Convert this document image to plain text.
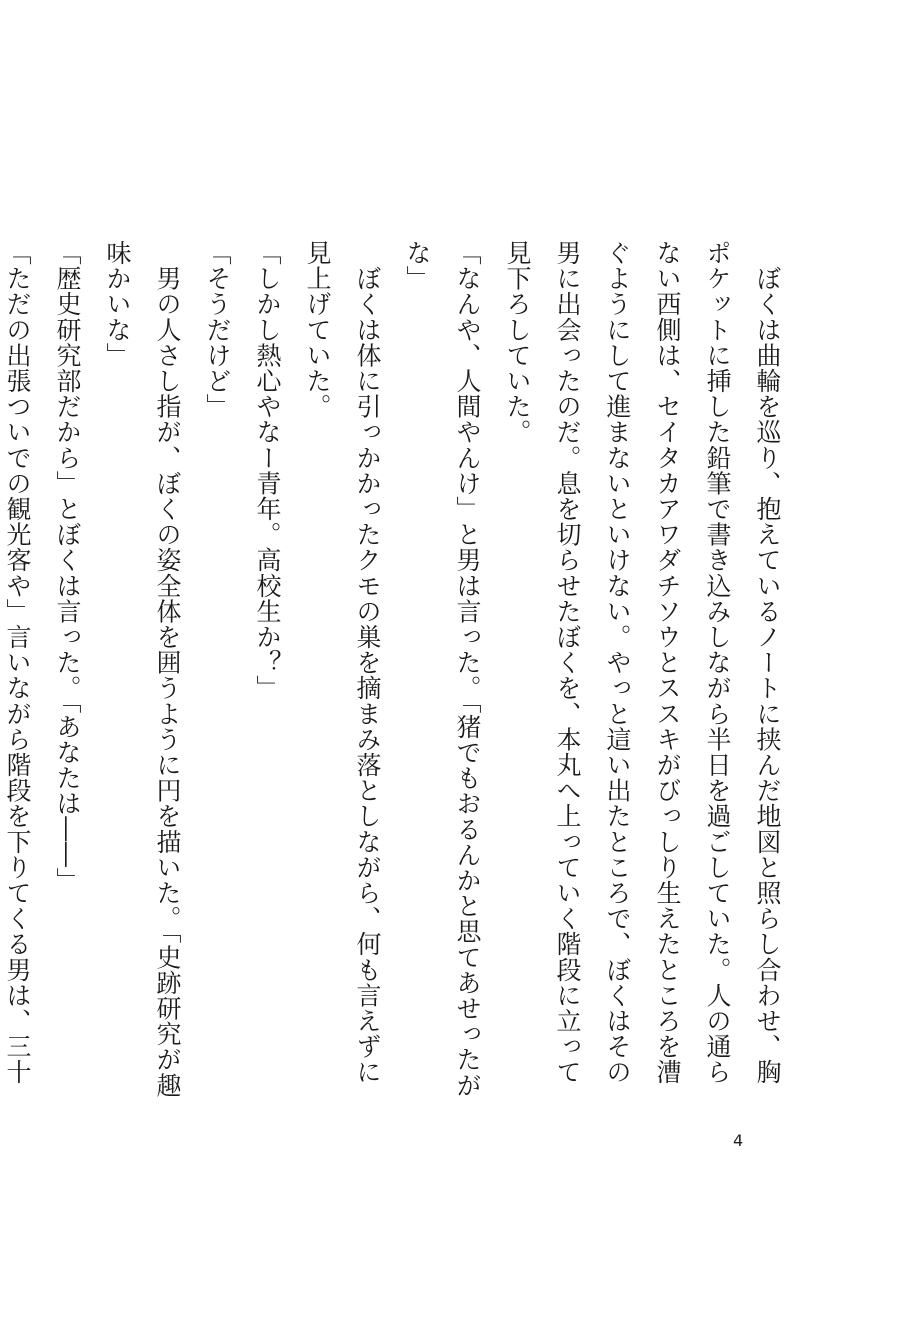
　ぼくは曲輪を巡り、抱えているノートに挟んだ地図と照らし合わせ、胸ポケットに挿した鉛筆で書き込みしながら半日を過ごしていた。人の通らない西側は、セイタカアワダチソウとススキがびっしり生えたところを漕ぐようにして進まないといけない。やっと這い出たところで、ぼくはその男に出会ったのだ。息を切らせたぼくを、本丸へ上っていく階段に立って見下ろしていた。

「なんや、人間やんけ」と男は言った。「猪でもおるんかと思てあせったがな」

　ぼくは体に引っかかったクモの巣を摘まみ落としながら、何も言えずに見上げていた。

「しかし熱心やなー青年。高校生か？」

「そうだけど」

　男の人さし指が、ぼくの姿全体を囲うように円を描いた。「史跡研究が趣味かいな」

「歴史研究部だから」とぼくは言った。「あなたは――」

「ただの出張ついでの観光客や」言いながら階段を下りてくる男は、三十

4
